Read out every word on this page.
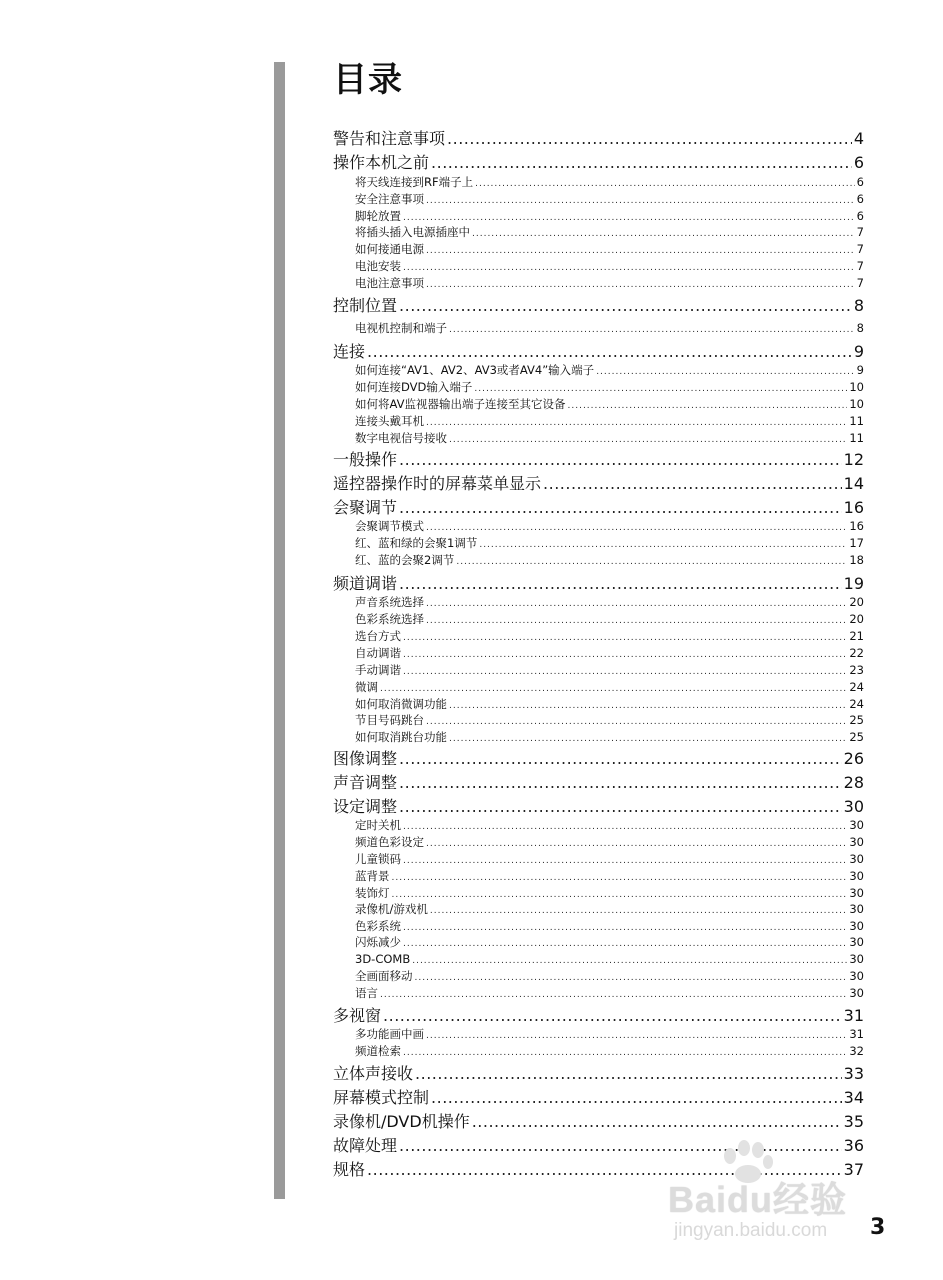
目录
警告和注意事项 .....	4
操作本机之前 .....	6
将天线连接到RF端子上 .....	6
安全注意事项 .....	6
脚轮放置 .....	6
将插头插入电源插座中 .....	7
如何接通电源 .....	7
电池安装 .....	7
电池注意事项 .....	7
控制位置 .....	8
电视机控制和端子 .....	8
连接 .....	9
如何连接“AV1、AV2、AV3或者AV4”输入端子 .....	9
如何连接DVD输入端子 .....	10
如何将AV监视器输出端子连接至其它设备 .....	10
连接头戴耳机 .....	11
数字电视信号接收 .....	11
一般操作 .....	12
遥控器操作时的屏幕菜单显示 .....	14
会聚调节 .....	16
会聚调节模式 .....	16
红、蓝和绿的会聚1调节 .....	17
红、蓝的会聚2调节 .....	18
频道调谐 .....	19
声音系统选择 .....	20
色彩系统选择 .....	20
选台方式 .....	21
自动调谐 .....	22
手动调谐 .....	23
微调 .....	24
如何取消微调功能 .....	24
节目号码跳台 .....	25
如何取消跳台功能 .....	25
图像调整 .....	26
声音调整 .....	28
设定调整 .....	30
定时关机 .....	30
频道色彩设定 .....	30
儿童锁码 .....	30
蓝背景 .....	30
装饰灯 .....	30
录像机/游戏机 .....	30
色彩系统 .....	30
闪烁减少 .....	30
3D-COMB .....	30
全画面移动 .....	30
语言 .....	30
多视窗 .....	31
多功能画中画 .....	31
频道检索 .....	32
立体声接收 .....	33
屏幕模式控制 .....	34
录像机/DVD机操作 .....	35
故障处理 .....	36
规格 .....	37
3
Baidu经验
jingyan.baidu.com
